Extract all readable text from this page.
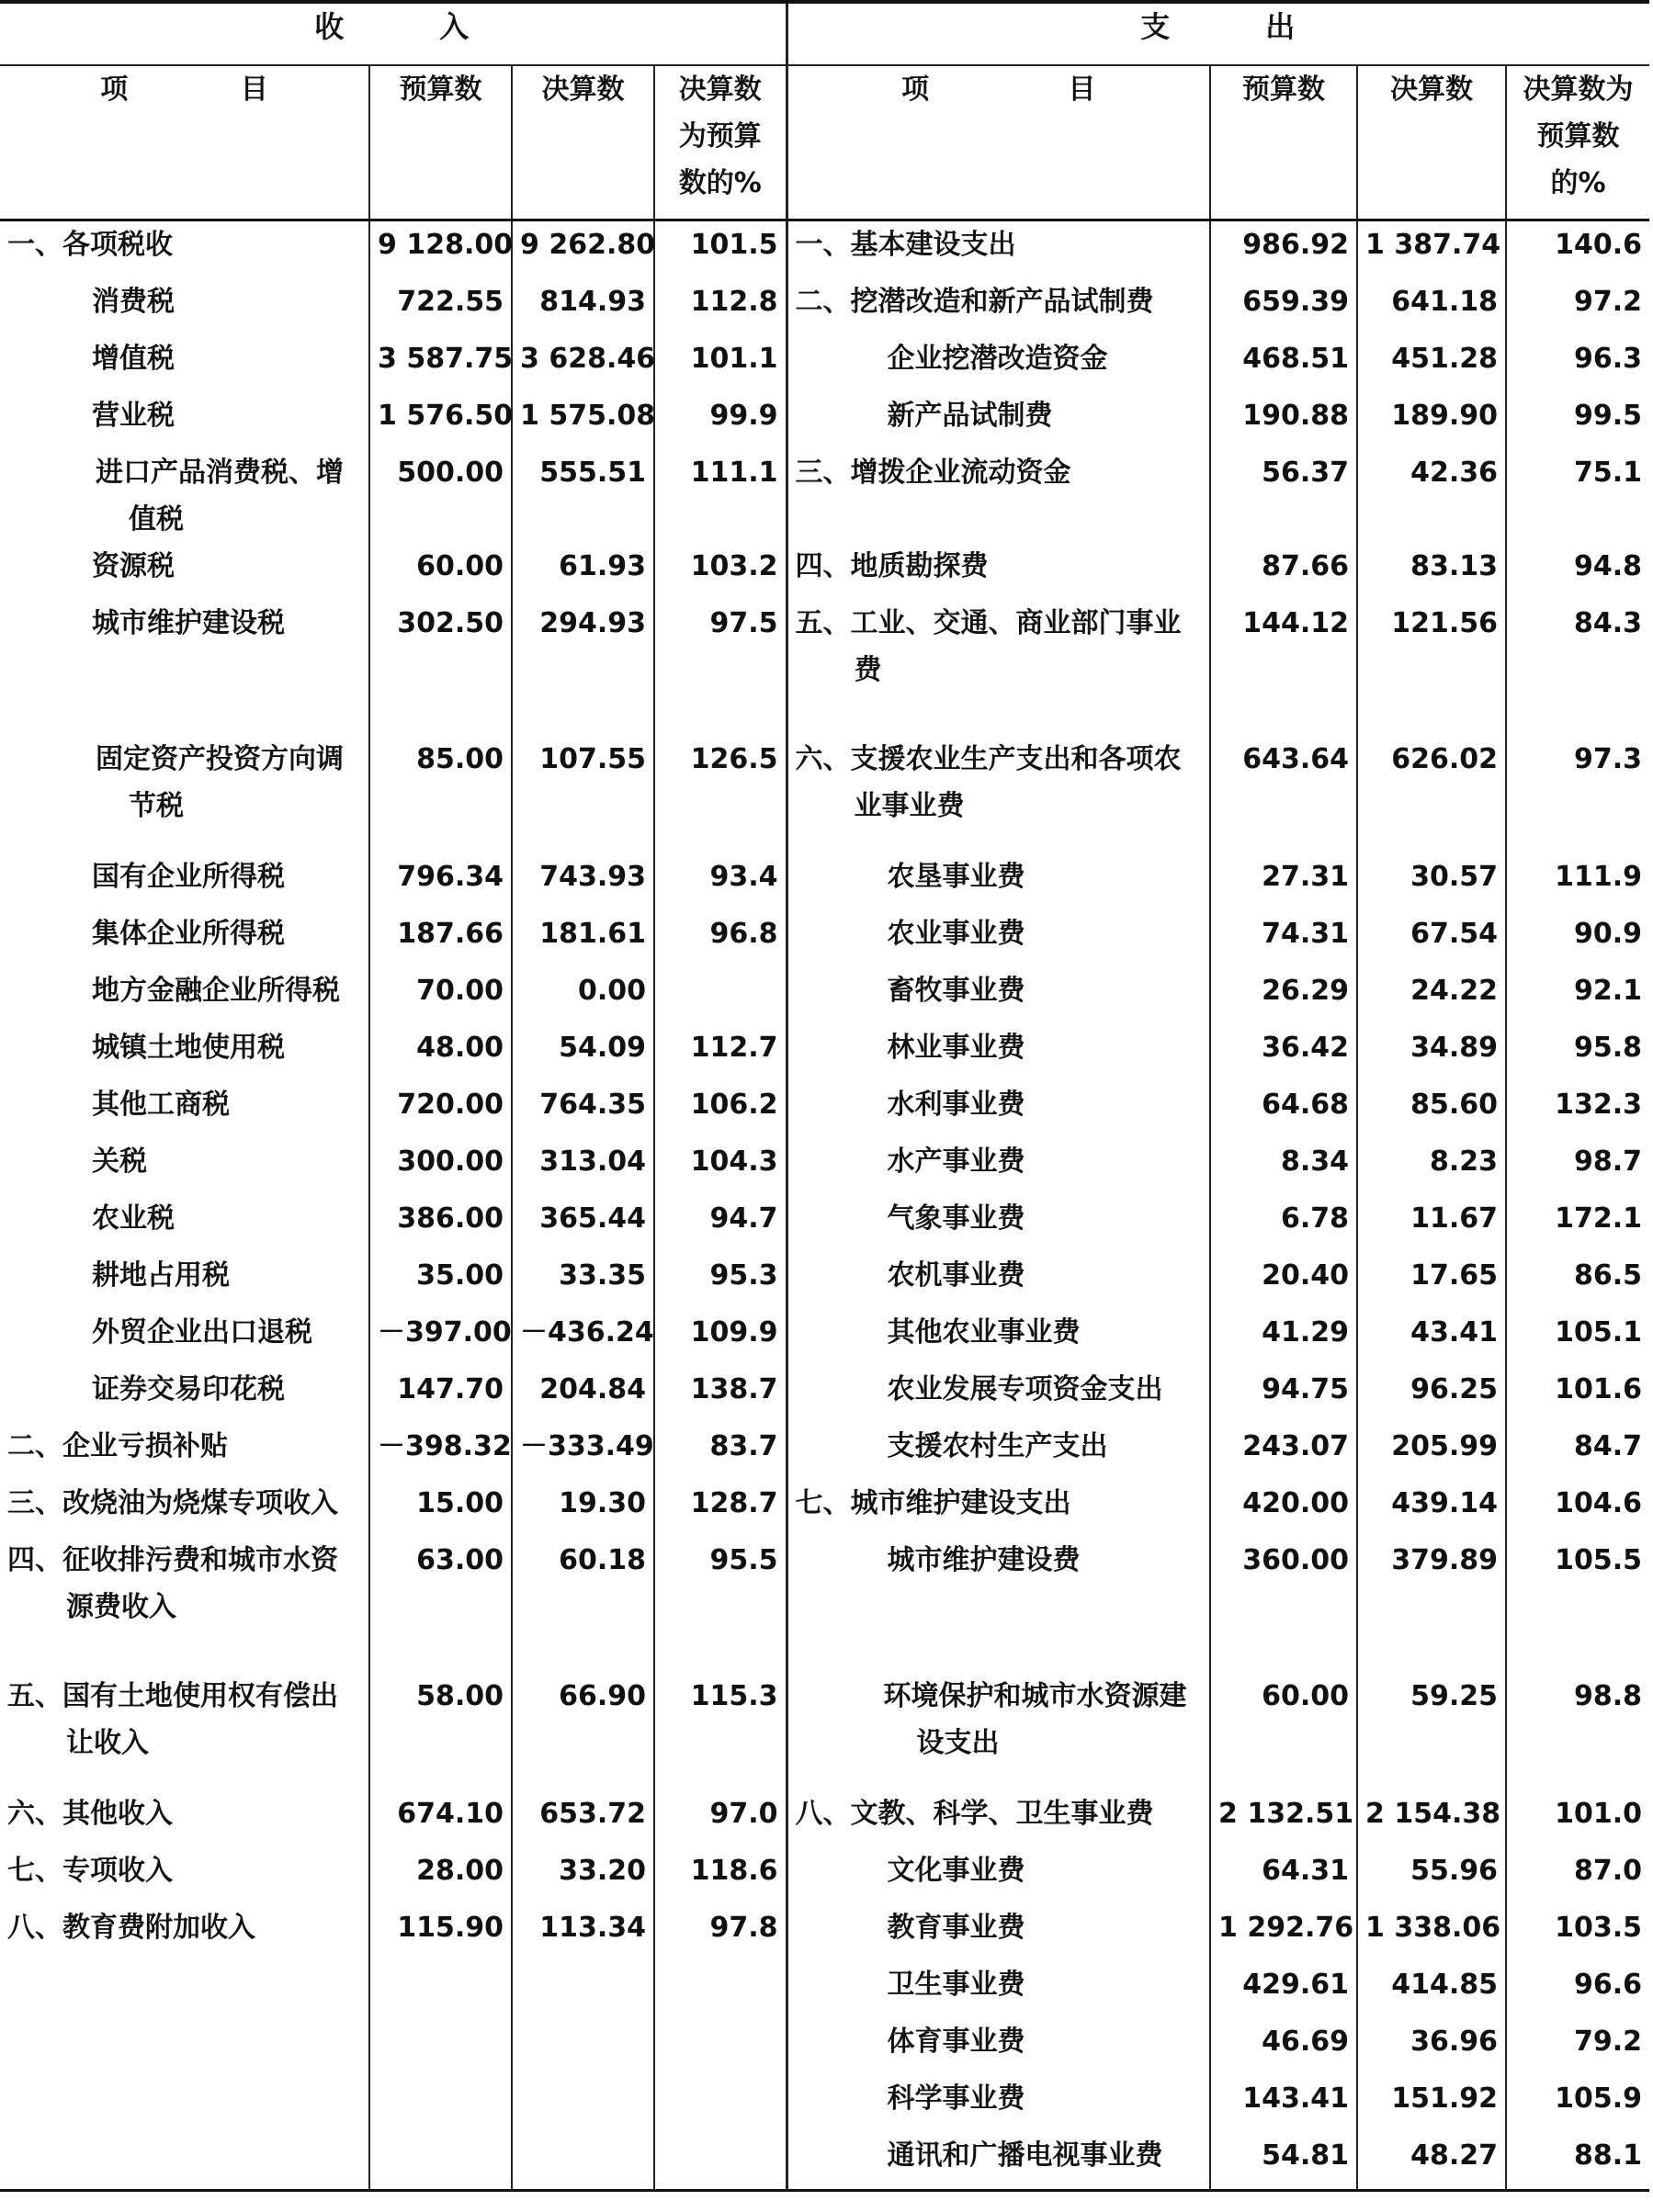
收　　　入				支　　　出			

项 目	预算数	决算数	决算数为预算数的%	项 目	预算数	决算数	决算数为预算数的%
一、各项税收	9 128.00	9 262.80	101.5	一、基本建设支出	986.92	1 387.74	140.6
消费税	722.55	814.93	112.8	二、挖潜改造和新产品试制费	659.39	641.18	97.2
增值税	3 587.75	3 628.46	101.1	企业挖潜改造资金	468.51	451.28	96.3
营业税	1 576.50	1 575.08	99.9	新产品试制费	190.88	189.90	99.5
进口产品消费税、增值税	500.00	555.51	111.1	三、增拨企业流动资金	56.37	42.36	75.1
资源税	60.00	61.93	103.2	四、地质勘探费	87.66	83.13	94.8
城市维护建设税	302.50	294.93	97.5	五、工业、交通、商业部门事业费	144.12	121.56	84.3
固定资产投资方向调节税	85.00	107.55	126.5	六、支援农业生产支出和各项农业事业费	643.64	626.02	97.3
国有企业所得税	796.34	743.93	93.4	农垦事业费	27.31	30.57	111.9
集体企业所得税	187.66	181.61	96.8	农业事业费	74.31	67.54	90.9
地方金融企业所得税	70.00	0.00		畜牧事业费	26.29	24.22	92.1
城镇土地使用税	48.00	54.09	112.7	林业事业费	36.42	34.89	95.8
其他工商税	720.00	764.35	106.2	水利事业费	64.68	85.60	132.3
关税	300.00	313.04	104.3	水产事业费	8.34	8.23	98.7
农业税	386.00	365.44	94.7	气象事业费	6.78	11.67	172.1
耕地占用税	35.00	33.35	95.3	农机事业费	20.40	17.65	86.5
外贸企业出口退税	－397.00	－436.24	109.9	其他农业事业费	41.29	43.41	105.1
证券交易印花税	147.70	204.84	138.7	农业发展专项资金支出	94.75	96.25	101.6
二、企业亏损补贴	－398.32	－333.49	83.7	支援农村生产支出	243.07	205.99	84.7
三、改烧油为烧煤专项收入	15.00	19.30	128.7	七、城市维护建设支出	420.00	439.14	104.6
四、征收排污费和城市水资源费收入	63.00	60.18	95.5	城市维护建设费	360.00	379.89	105.5
五、国有土地使用权有偿出让收入	58.00	66.90	115.3	环境保护和城市水资源建设支出	60.00	59.25	98.8
六、其他收入	674.10	653.72	97.0	八、文教、科学、卫生事业费	2 132.51	2 154.38	101.0
七、专项收入	28.00	33.20	118.6	文化事业费	64.31	55.96	87.0
八、教育费附加收入	115.90	113.34	97.8	教育事业费	1 292.76	1 338.06	103.5
				卫生事业费	429.61	414.85	96.6
				体育事业费	46.69	36.96	79.2
				科学事业费	143.41	151.92	105.9
				通讯和广播电视事业费	54.81	48.27	88.1
